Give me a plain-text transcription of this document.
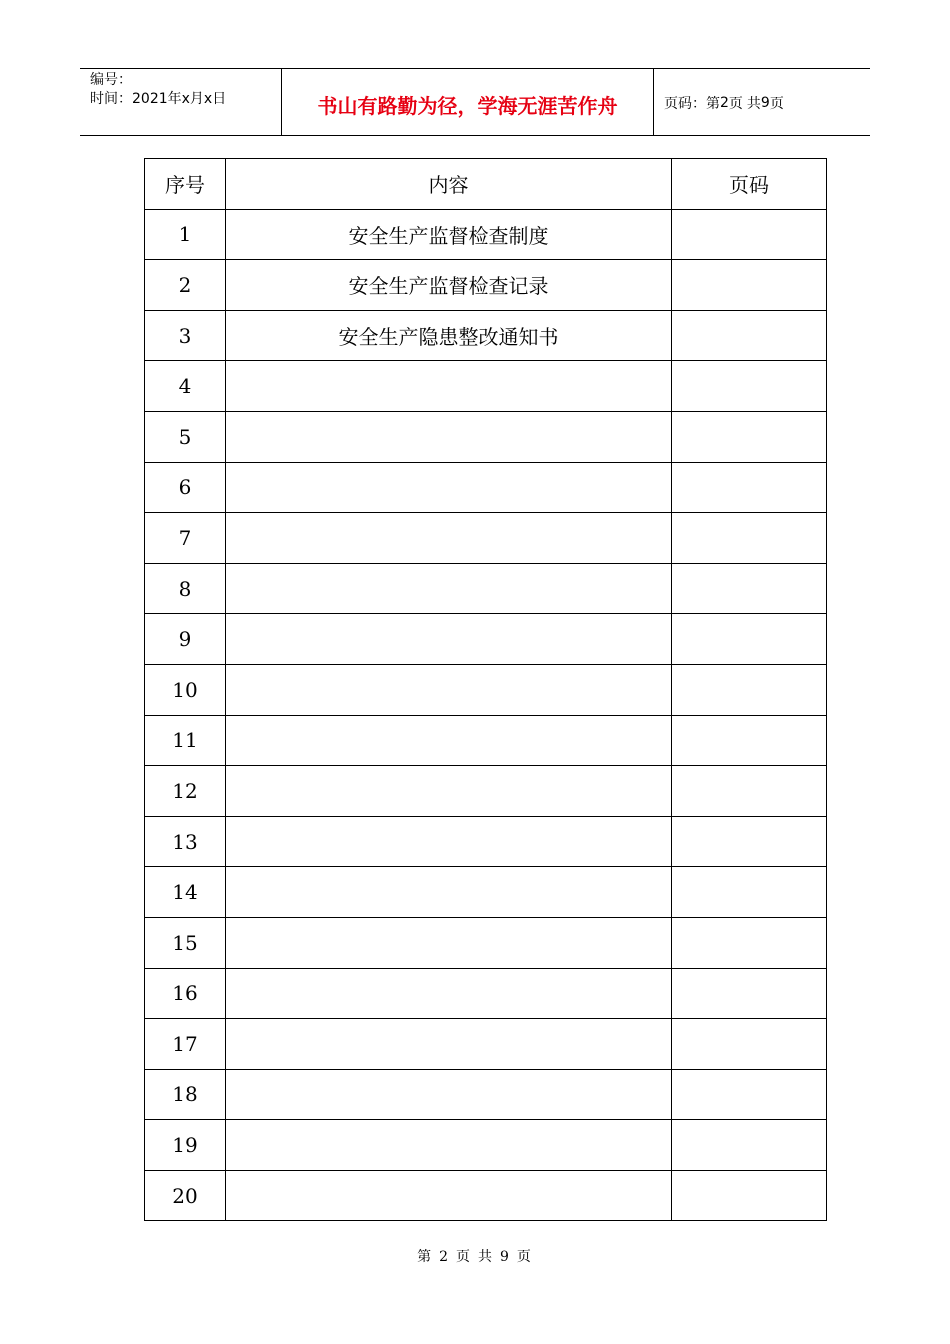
编号：
时间：2021年x月x日	书山有路勤为径，学海无涯苦作舟	页码：第 2 页 共 9 页
序号	内容	页码
1	安全生产监督检查制度	
2	安全生产监督检查记录	
3	安全生产隐患整改通知书	
4		
5		
6		
7		
8		
9		
10		
11		
12		
13		
14		
15		
16		
17		
18		
19		
20		
第 2 页 共 9 页
